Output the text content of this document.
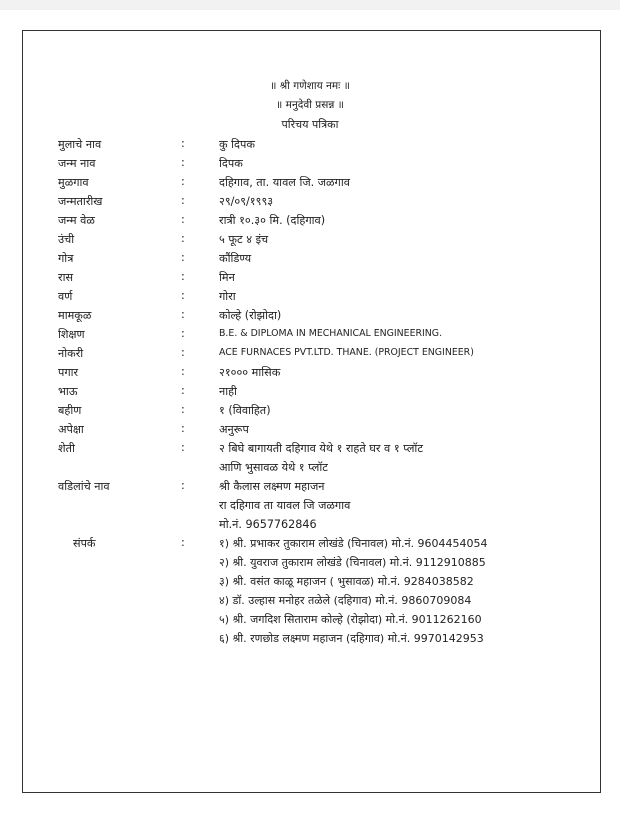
॥ श्री गणेशाय नमः ॥
॥ मनुदेवी प्रसन्न ॥
परिचय पत्रिका
मुलाचे नाव	:	कु दिपक
जन्म नाव	:	दिपक
मुळगाव	:	दहिगाव, ता. यावल जि. जळगाव
जन्मतारीख	:	२९/०९/१९९३
जन्म वेळ	:	रात्री १०.३० मि. (दहिगाव)
उंची	:	५ फूट ४ इंच
गोत्र	:	कौंडिण्य
रास	:	मिन
वर्ण	:	गोरा
मामकूळ	:	कोल्हे (रोझोदा)
शिक्षण	:	B.E. & DIPLOMA IN MECHANICAL ENGINEERING.
नोकरी	:	ACE FURNACES PVT.LTD. THANE. (PROJECT ENGINEER)
पगार	:	२१००० मासिक
भाऊ	:	नाही
बहीण	:	१ (विवाहित)
अपेक्षा	:	अनुरूप
शेती	:	२ बिघे बागायती दहिगाव येथे १ राहते घर व १ प्लॉट
आणि भुसावळ येथे १ प्लॉट
वडिलांचे नाव	:	श्री कैलास लक्ष्मण महाजन
रा दहिगाव ता यावल जि जळगाव
मो.नं. 9657762846
संपर्क	:	१) श्री. प्रभाकर तुकाराम लोखंडे (चिनावल) मो.नं. 9604454054
२) श्री. युवराज तुकाराम लोखंडे (चिनावल) मो.नं. 9112910885
३) श्री. वसंत काळू महाजन ( भुसावळ) मो.नं. 9284038582
४) डॉ. उल्हास मनोहर तळेले (दहिगाव) मो.नं. 9860709084
५) श्री. जगदिश सिताराम कोल्हे (रोझोदा) मो.नं. 9011262160
६) श्री. रणछोड लक्ष्मण महाजन (दहिगाव) मो.नं. 9970142953
